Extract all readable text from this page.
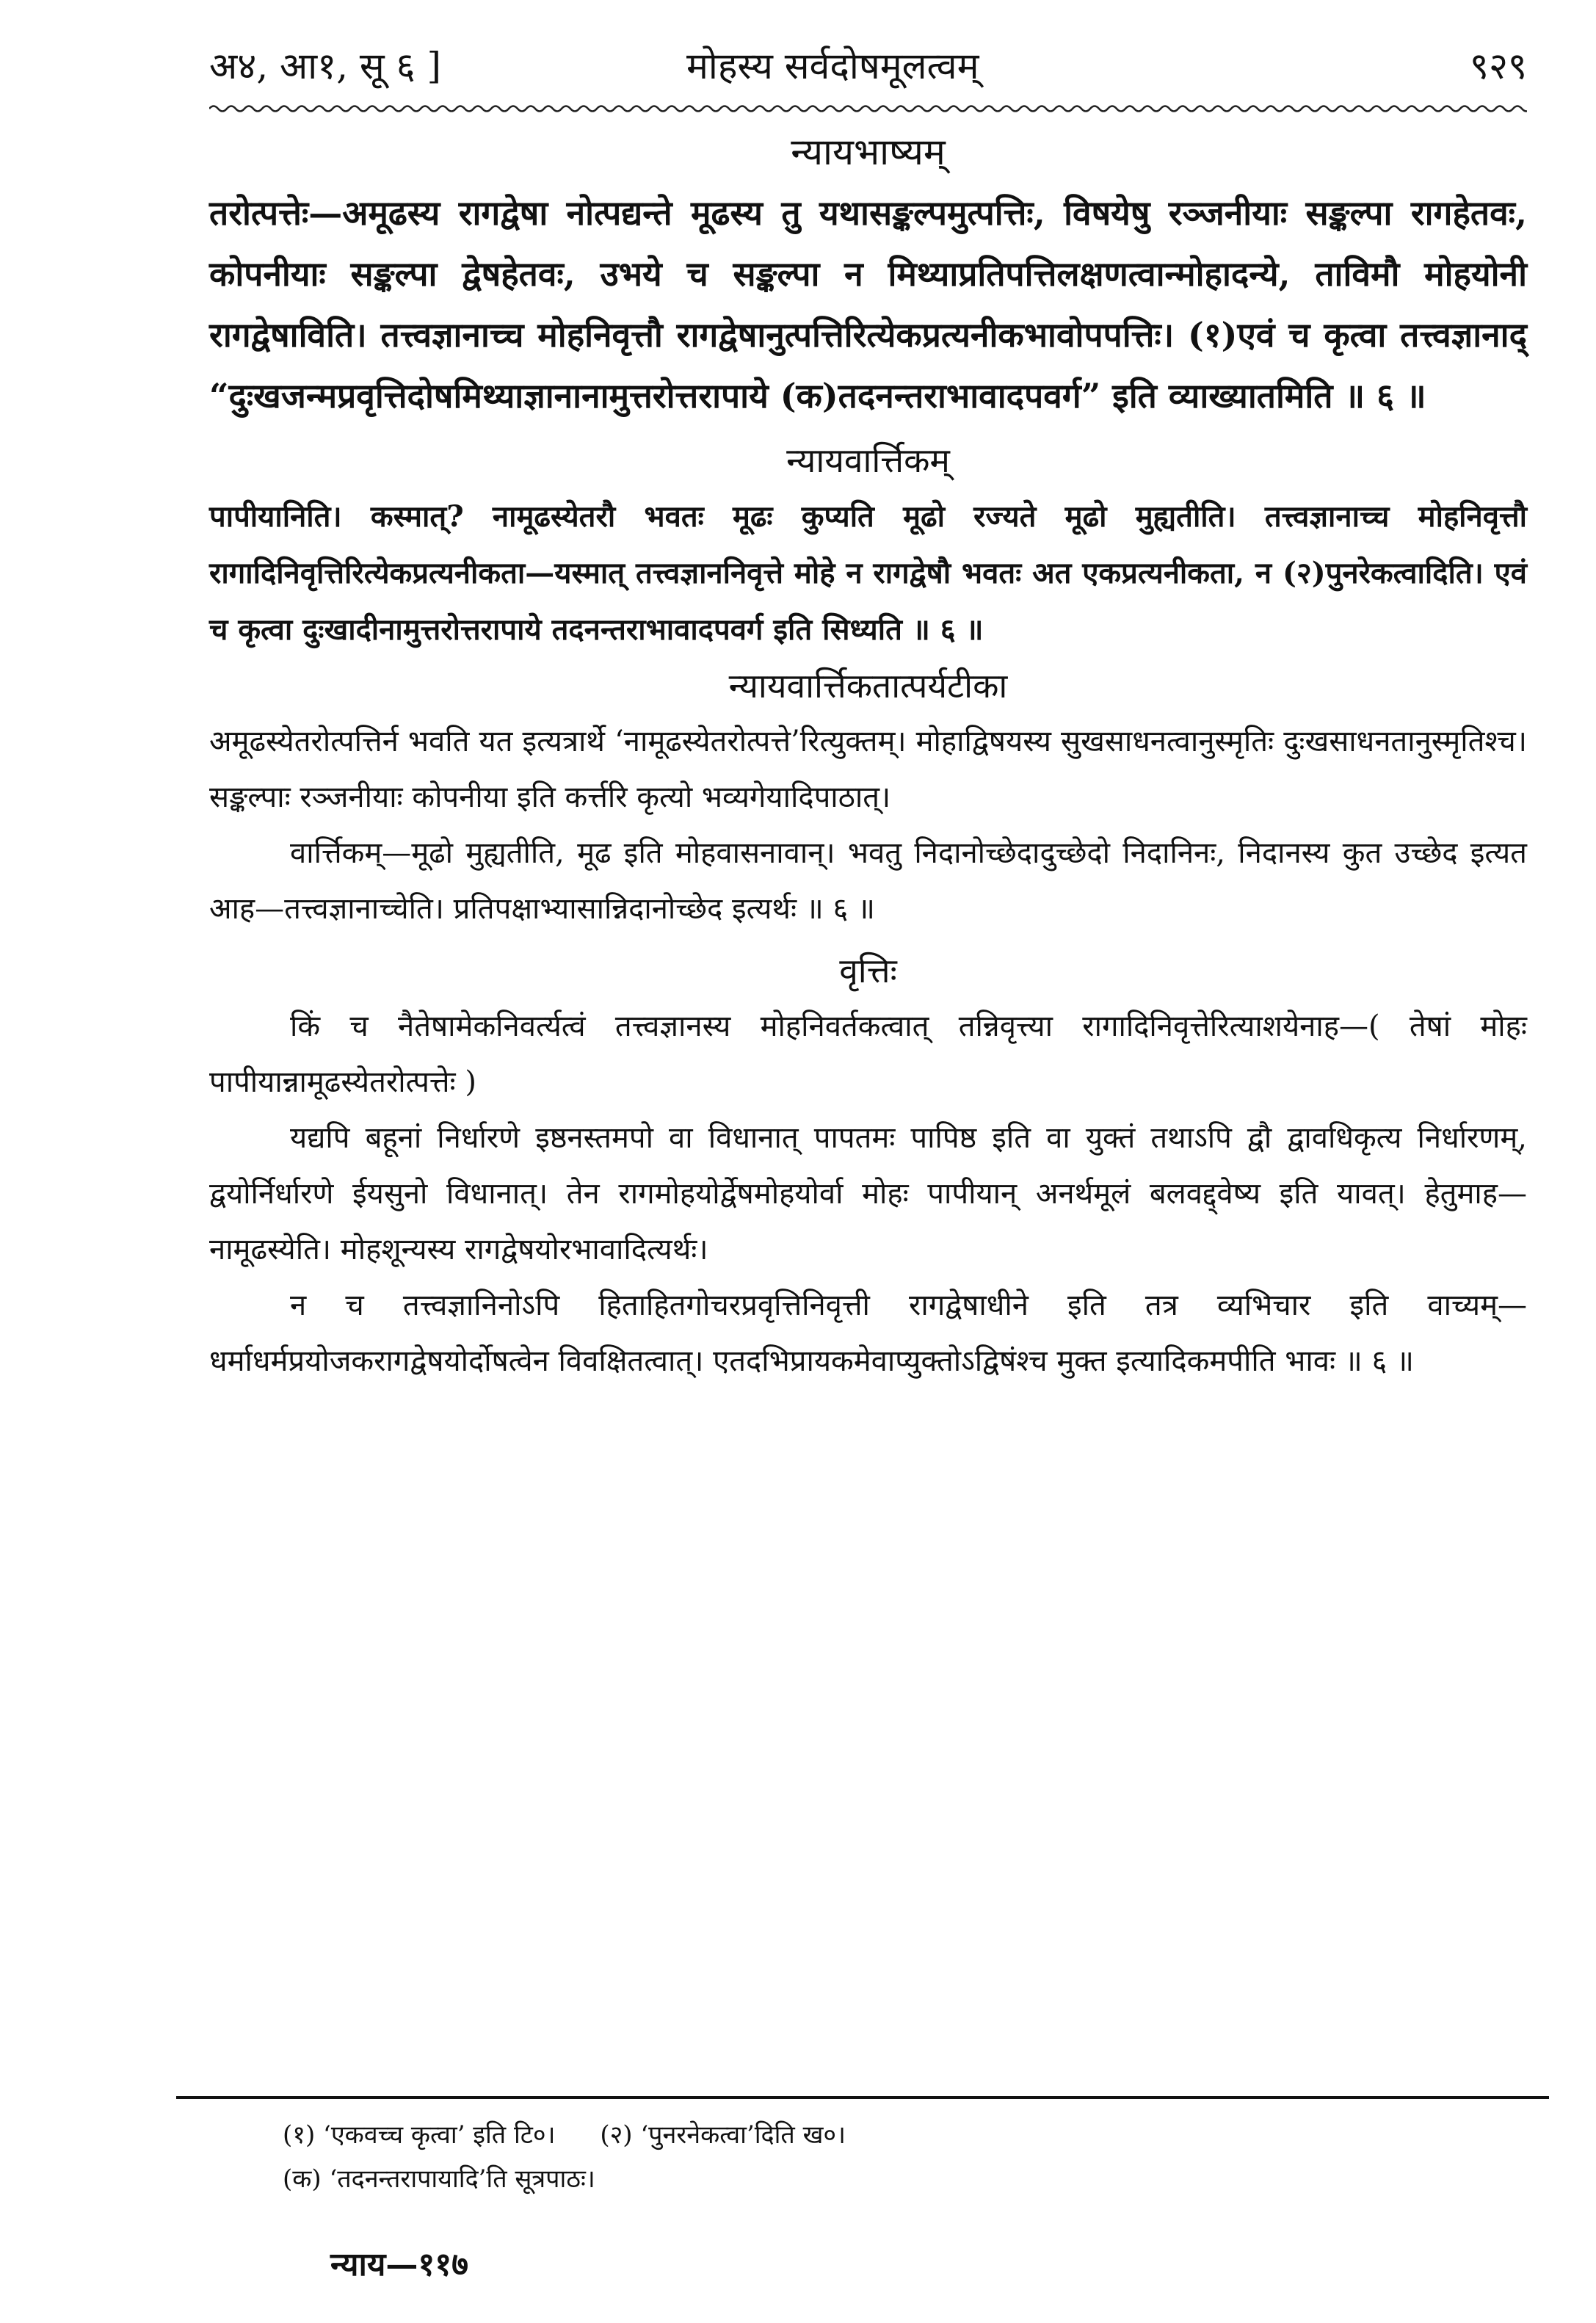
अ४, आ१, सू ६ ]	मोहस्य सर्वदोषमूलत्वम्	९२९
न्यायभाष्यम्

तरोत्पत्तेः—अमूढस्य रागद्वेषा नोत्पद्यन्ते मूढस्य तु यथासङ्कल्पमुत्पत्तिः, विषयेषु रञ्जनीयाः सङ्कल्पा रागहेतवः, कोपनीयाः सङ्कल्पा द्वेषहेतवः, उभये च सङ्कल्पा न मिथ्याप्रतिपत्तिलक्षणत्वान्मोहादन्ये, ताविमौ मोहयोनी रागद्वेषाविति। तत्त्वज्ञानाच्च मोहनिवृत्तौ रागद्वेषानुत्पत्तिरित्येकप्रत्यनीकभावोपपत्तिः। (१)एवं च कृत्वा तत्त्वज्ञानाद् “दुःखजन्मप्रवृत्तिदोषमिथ्याज्ञानानामुत्तरोत्तरापाये (क)तदनन्तराभावादपवर्ग” इति व्याख्यातमिति ॥ ६ ॥

न्यायवार्त्तिकम्

पापीयानिति। कस्मात्? नामूढस्येतरौ भवतः मूढः कुप्यति मूढो रज्यते मूढो मुह्यतीति। तत्त्वज्ञानाच्च मोहनिवृत्तौ रागादिनिवृत्तिरित्येकप्रत्यनीकता—यस्मात् तत्त्वज्ञाननिवृत्ते मोहे न रागद्वेषौ भवतः अत एकप्रत्यनीकता, न (२)पुनरेकत्वादिति। एवं च कृत्वा दुःखादीनामुत्तरोत्तरापाये तदनन्तराभावादपवर्ग इति सिध्यति ॥ ६ ॥

न्यायवार्त्तिकतात्पर्यटीका

अमूढस्येतरोत्पत्तिर्न भवति यत इत्यत्रार्थे ‘नामूढस्येतरोत्पत्ते’रित्युक्तम्। मोहाद्विषयस्य सुखसाधनत्वानुस्मृतिः दुःखसाधनतानुस्मृतिश्च। सङ्कल्पाः रञ्जनीयाः कोपनीया इति कर्त्तरि कृत्यो भव्यगेयादिपाठात्।

वार्त्तिकम्—मूढो मुह्यतीति, मूढ इति मोहवासनावान्। भवतु निदानोच्छेदादुच्छेदो निदानिनः, निदानस्य कुत उच्छेद इत्यत आह—तत्त्वज्ञानाच्चेति। प्रतिपक्षाभ्यासान्निदानोच्छेद इत्यर्थः ॥ ६ ॥

वृत्तिः

किं च नैतेषामेकनिवर्त्यत्वं तत्त्वज्ञानस्य मोहनिवर्तकत्वात् तन्निवृत्त्या रागादिनिवृत्तेरित्याशयेनाह—( तेषां मोहः पापीयान्नामूढस्येतरोत्पत्तेः )

यद्यपि बहूनां निर्धारणे इष्ठनस्तमपो वा विधानात् पापतमः पापिष्ठ इति वा युक्तं तथाऽपि द्वौ द्वावधिकृत्य निर्धारणम्, द्वयोर्निर्धारणे ईयसुनो विधानात्। तेन रागमोहयोर्द्वेषमोहयोर्वा मोहः पापीयान् अनर्थमूलं बलवद्द्वेष्य इति यावत्। हेतुमाह—नामूढस्येति। मोहशून्यस्य रागद्वेषयोरभावादित्यर्थः।

न च तत्त्वज्ञानिनोऽपि हिताहितगोचरप्रवृत्तिनिवृत्ती रागद्वेषाधीने इति तत्र व्यभिचार इति वाच्यम्—धर्माधर्मप्रयोजकरागद्वेषयोर्दोषत्वेन विवक्षितत्वात्। एतदभिप्रायकमेवाप्युक्तोऽद्विषंश्च मुक्त इत्यादिकमपीति भावः ॥ ६ ॥

(१) ‘एकवच्च कृत्वा’ इति टि०। (२) ‘पुनरनेकत्वा’दिति ख०।

(क) ‘तदनन्तरापायादि’ति सूत्रपाठः।

न्याय—११७
